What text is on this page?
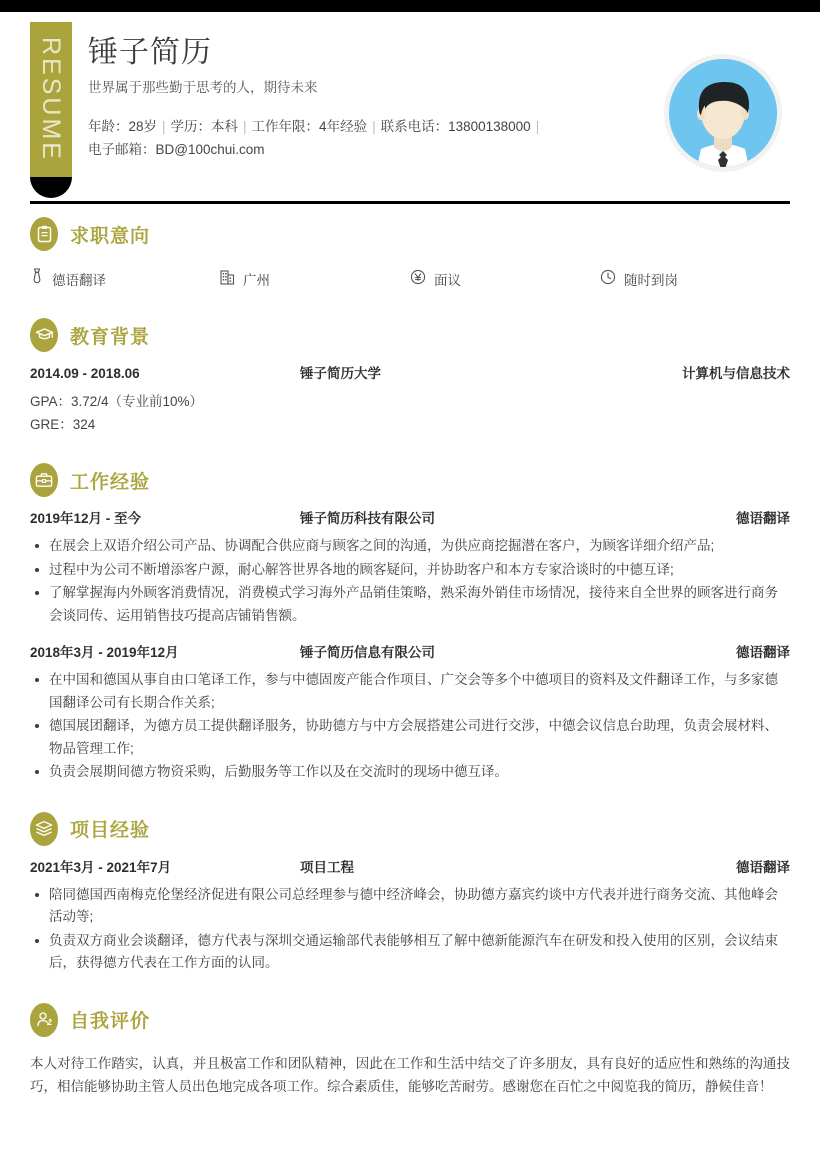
RESUME 锤子简历
世界属于那些勤于思考的人，期待未来
年龄：28岁 | 学历：本科 | 工作年限：4年经验 | 联系电话：13800138000 |
电子邮箱：BD@100chui.com
求职意向
德语翻译	广州	面议	随时到岗
教育背景
2014.09 - 2018.06	锤子简历大学	计算机与信息技术
GPA：3.72/4（专业前10%）
GRE：324
工作经验
2019年12月 - 至今	锤子简历科技有限公司	德语翻译
在展会上双语介绍公司产品、协调配合供应商与顾客之间的沟通，为供应商挖掘潜在客户，为顾客详细介绍产品;
过程中为公司不断增添客户源，耐心解答世界各地的顾客疑问，并协助客户和本方专家洽谈时的中德互译;
了解掌握海内外顾客消费情况，消费模式学习海外产品销佳策略，熟采海外销佳市场情况，接待来自全世界的顾客进行商务会谈同传、运用销售技巧提高店铺销售额。
2018年3月 - 2019年12月	锤子简历信息有限公司	德语翻译
在中国和德国从事自由口笔译工作，参与中德固废产能合作项目、广交会等多个中德项目的资料及文件翻译工作，与多家德国翻译公司有长期合作关系;
德国展团翻译，为德方员工提供翻译服务，协助德方与中方会展搭建公司进行交涉，中德会议信息台助理，负责会展材料、物品管理工作;
负责会展期间德方物资采购，后勤服务等工作以及在交流时的现场中德互译。
项目经验
2021年3月 - 2021年7月	项目工程	德语翻译
陪同德国西南梅克伦堡经济促进有限公司总经理参与德中经济峰会，协助德方嘉宾约谈中方代表并进行商务交流、其他峰会活动等;
负责双方商业会谈翻译，德方代表与深圳交通运输部代表能够相互了解中德新能源汽车在研发和投入使用的区别，会议结束后，获得德方代表在工作方面的认同。
自我评价
本人对待工作踏实，认真，并且极富工作和团队精神，因此在工作和生活中结交了许多朋友，具有良好的适应性和熟练的沟通技巧，相信能够协助主管人员出色地完成各项工作。综合素质佳，能够吃苦耐劳。感谢您在百忙之中阅览我的简历，静候佳音！
